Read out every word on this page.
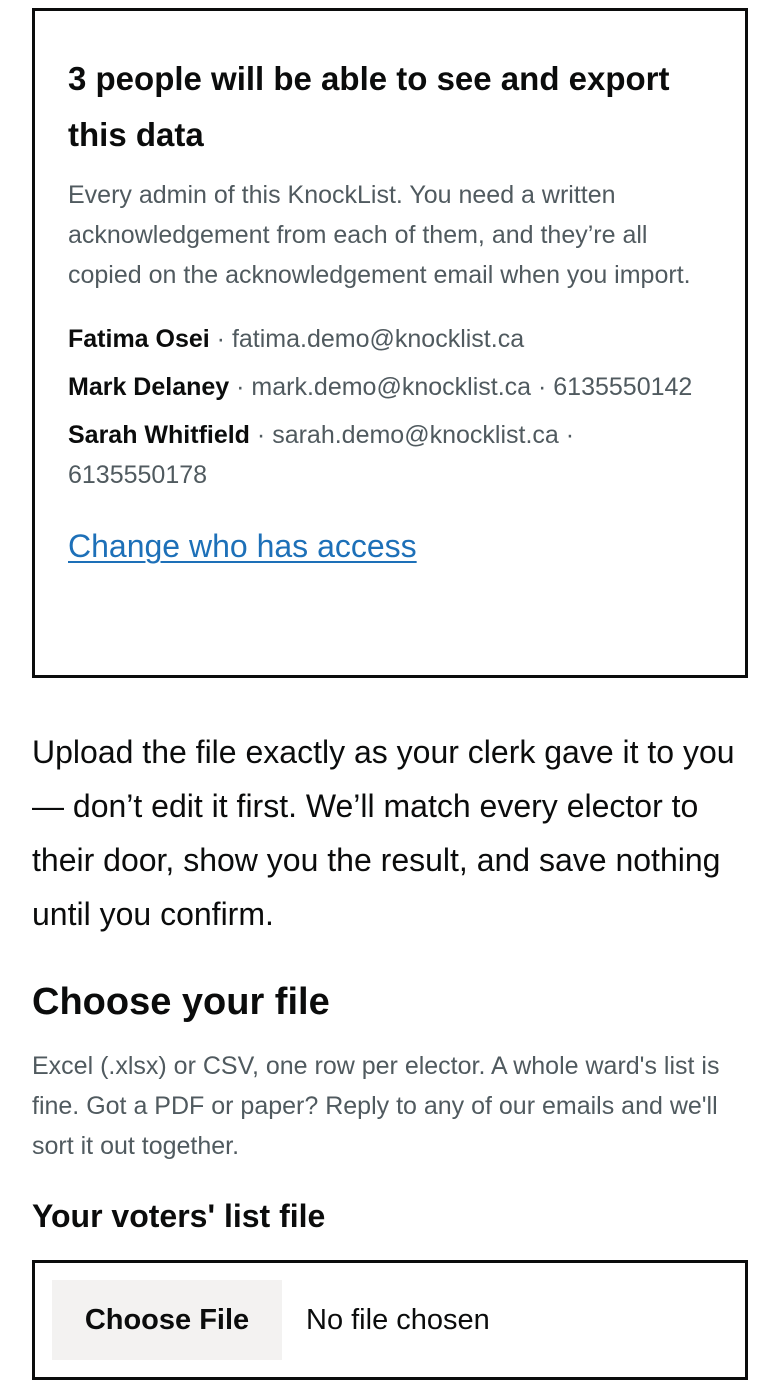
3 people will be able to see and export this data

Every admin of this KnockList. You need a written acknowledgement from each of them, and they’re all copied on the acknowledgement email when you import.

Fatima Osei · fatima.demo@knocklist.ca
Mark Delaney · mark.demo@knocklist.ca · 6135550142
Sarah Whitfield · sarah.demo@knocklist.ca · 6135550178
Change who has access

Upload the file exactly as your clerk gave it to you — don’t edit it first. We’ll match every elector to their door, show you the result, and save nothing until you confirm.

Choose your file

Excel (.xlsx) or CSV, one row per elector. A whole ward's list is fine. Got a PDF or paper? Reply to any of our emails and we'll sort it out together.

Your voters' list file
Choose File	No file chosen
